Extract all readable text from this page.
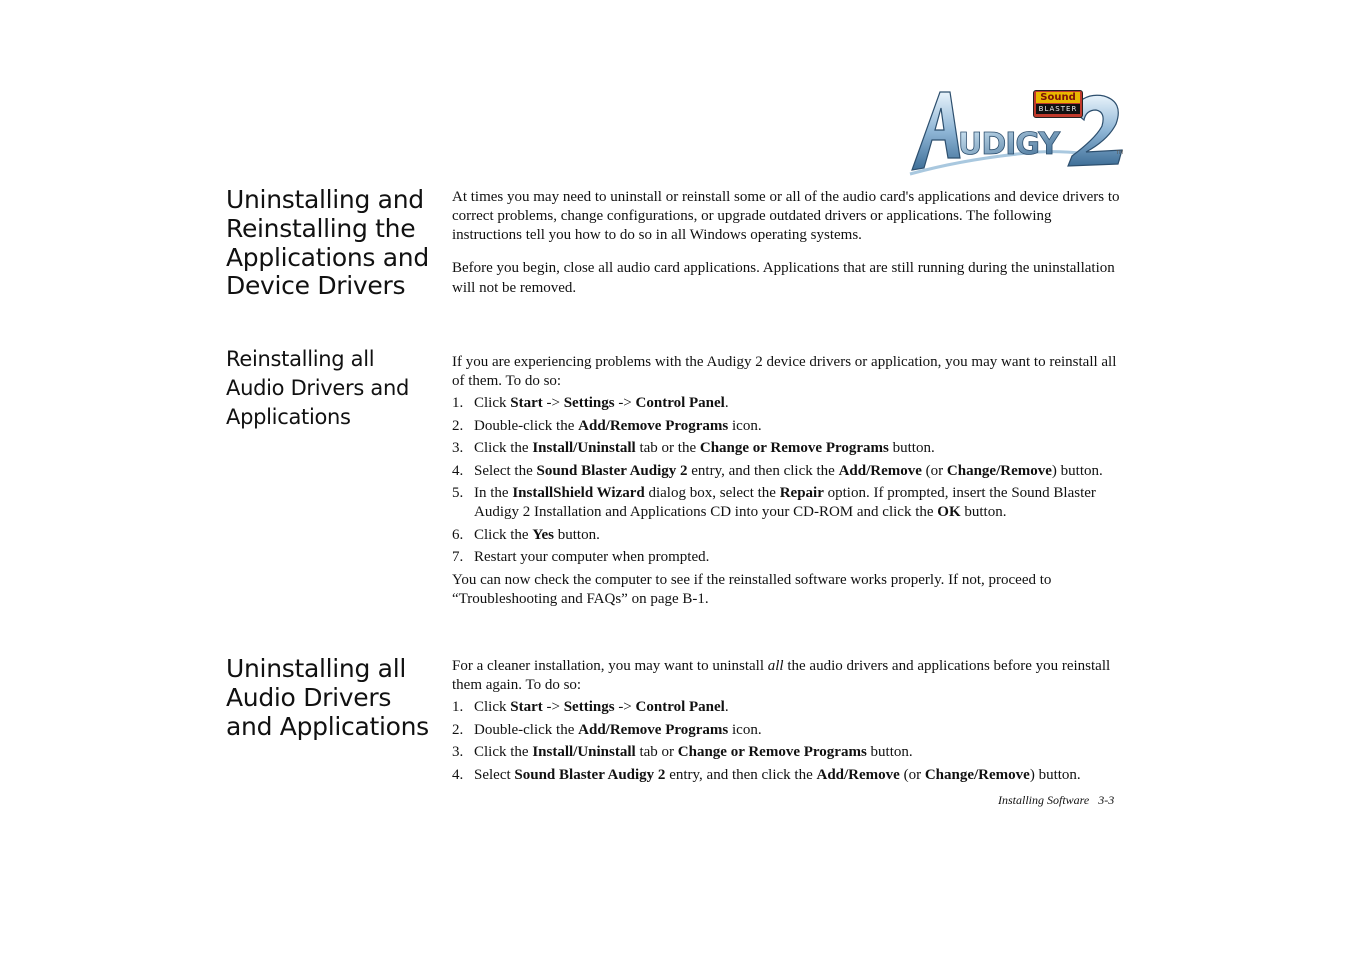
UDIGY	TM
Sound
BLASTER
Uninstalling and
Reinstalling the
Applications and
Device Drivers

At times you may need to uninstall or reinstall some or all of the audio card's applications and device drivers to correct problems, change configurations, or upgrade outdated drivers or applications. The following instructions tell you how to do so in all Windows operating systems.

Before you begin, close all audio card applications. Applications that are still running during the uninstallation will not be removed.

Reinstalling all
Audio Drivers and
Applications

If you are experiencing problems with the Audigy 2 device drivers or application, you may want to reinstall all of them. To do so:

1. Click Start -> Settings -> Control Panel.
2. Double-click the Add/Remove Programs icon.
3. Click the Install/Uninstall tab or the Change or Remove Programs button.
4. Select the Sound Blaster Audigy 2 entry, and then click the Add/Remove (or Change/Remove) button.
5. In the InstallShield Wizard dialog box, select the Repair option. If prompted, insert the Sound Blaster Audigy 2 Installation and Applications CD into your CD-ROM and click the OK button.
6. Click the Yes button.
7. Restart your computer when prompted.

You can now check the computer to see if the reinstalled software works properly. If not, proceed to “Troubleshooting and FAQs” on page B-1.

Uninstalling all
Audio Drivers
and Applications

For a cleaner installation, you may want to uninstall all the audio drivers and applications before you reinstall them again. To do so:

1. Click Start -> Settings -> Control Panel.
2. Double-click the Add/Remove Programs icon.
3. Click the Install/Uninstall tab or Change or Remove Programs button.
4. Select Sound Blaster Audigy 2 entry, and then click the Add/Remove (or Change/Remove) button.
Installing Software 3-3
